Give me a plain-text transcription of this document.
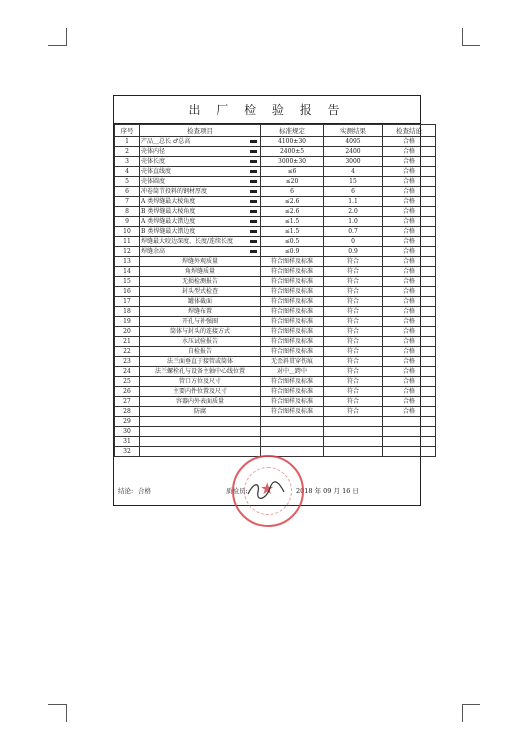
出 厂 检 验 报 告
序号	检查项目	标准规定	实测结果	检查结论
1	产品＿总长 ♂总高	4100±30	4095	合格
2	壳体内径	2400±5	2400	合格
3	壳体长度	3000±30	3000	合格
4	壳体直线度	≤6	4	合格
5	壳体圆度	≤20	15	合格
6	冲卷筒节投料的钢材厚度	6	6	合格
7	A 类焊缝最大棱角度	≤2.6	1.1	合格
8	B 类焊缝最大棱角度	≤2.6	2.0	合格
9	A 类焊缝最大错边度	≤1.5	1.0	合格
10	B 类焊缝最大错边度	≤1.5	0.7	合格
11	焊缝最大咬边深度、长度/连续长度	≤0.5	0	合格
12	焊缝余高	≤0.9	0.9	合格
13	焊缝外观质量	符合图样及标准	符合	合格
14	角焊缝质量	符合图样及标准	符合	合格
15	无损检测报告	符合图样及标准	符合	合格
16	封头型式检查	符合图样及标准	符合	合格
17	罐体截面	符合图样及标准	符合	合格
18	焊缝布置	符合图样及标准	符合	合格
19	开孔与补强圈	符合图样及标准	符合	合格
20	筒体与封头的连接方式	符合图样及标准	符合	合格
21	水压试验报告	符合图样及标准	符合	合格
22	自检报告	符合图样及标准	符合	合格
23	法兰面垂直于接管或筒体	无歪斜贯穿伤痕	符合	合格
24	法兰螺栓孔与设备主轴中心线位置	对中＿跨中	符合	合格
25	管口方位及尺寸	符合图样及标准	符合	合格
26	主要内件位置及尺寸	符合图样及标准	符合	合格
27	容器内外表面质量	符合图样及标准	符合	合格
28	防腐	符合图样及标准	符合	合格
29				
30				
31				
32				
结论: 合格	质检员:	2018 年 09 月 16 日
★
